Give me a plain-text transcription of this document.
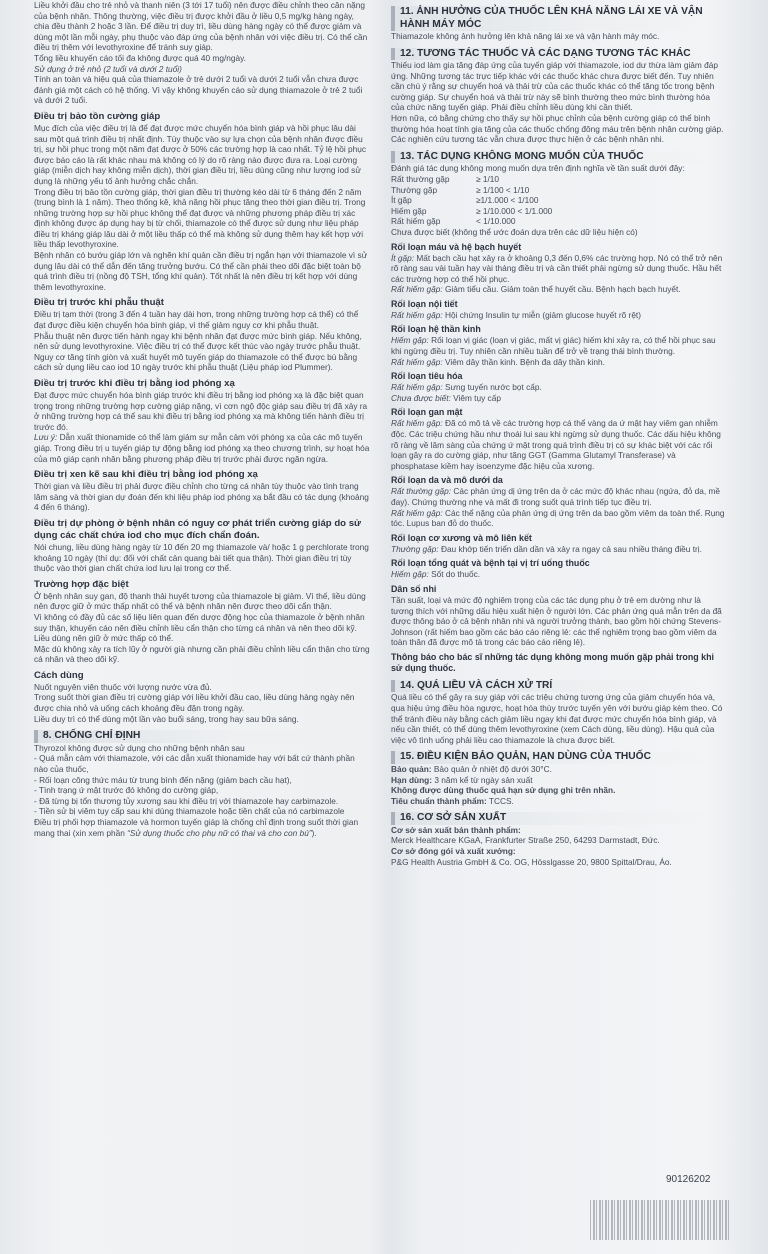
Liều khởi đầu cho trẻ nhỏ và thanh niên (3 tới 17 tuổi) nên được điều chỉnh theo cân nặng của bệnh nhân. Thông thường, việc điều trị được khởi đầu ở liều 0,5 mg/kg hàng ngày, chia đều thành 2 hoặc 3 lần. Để điều trị duy trì, liều dùng hàng ngày có thể được giảm và dùng một lần mỗi ngày, phụ thuộc vào đáp ứng của bệnh nhân với việc điều trị. Có thể cần điều trị thêm với levothyroxine để tránh suy giáp.

Tổng liều khuyến cáo tối đa không được quá 40 mg/ngày.

Sử dụng ở trẻ nhỏ (2 tuổi và dưới 2 tuổi)

Tính an toàn và hiệu quả của thiamazole ở trẻ dưới 2 tuổi và dưới 2 tuổi vẫn chưa được đánh giá một cách có hệ thống. Vì vậy không khuyến cáo sử dụng thiamazole ở trẻ 2 tuổi và dưới 2 tuổi.

Điều trị bảo tồn cường giáp

Mục đích của việc điều trị là để đạt được mức chuyển hóa bình giáp và hồi phục lâu dài sau một quá trình điều trị nhất định. Tùy thuộc vào sự lựa chọn của bệnh nhân được điều trị, sự hồi phục trong một năm đạt được ở 50% các trường hợp là cao nhất. Tỷ lệ hồi phục được báo cáo là rất khác nhau mà không có lý do rõ ràng nào được đưa ra. Loại cường giáp (miễn dịch hay không miễn dịch), thời gian điều trị, liều dùng cũng như lượng iod sử dụng là những yếu tố ảnh hưởng chắc chắn.

Trong điều trị bảo tồn cường giáp, thời gian điều trị thường kéo dài từ 6 tháng đến 2 năm (trung bình là 1 năm). Theo thống kê, khả năng hồi phục tăng theo thời gian điều trị. Trong những trường hợp sự hồi phục không thể đạt được và những phương pháp điều trị xác định không được áp dụng hay bị từ chối, thiamazole có thể được sử dụng như liệu pháp điều trị kháng giáp lâu dài ở một liều thấp có thể mà không sử dụng thêm hay kết hợp với liều thấp levothyroxine.

Bệnh nhân có bướu giáp lớn và nghẽn khí quản cần điều trị ngắn hạn với thiamazole vì sử dụng lâu dài có thể dẫn đến tăng trưởng bướu. Có thể cần phải theo dõi đặc biệt toàn bộ quá trình điều trị (nồng độ TSH, tổng khí quản). Tốt nhất là nên điều trị kết hợp với dùng thêm levothyroxine.

Điều trị trước khi phẫu thuật

Điều trị tạm thời (trong 3 đến 4 tuần hay dài hơn, trong những trường hợp cá thể) có thể đạt được điều kiện chuyển hóa bình giáp, vì thế giảm nguy cơ khi phẫu thuật.

Phẫu thuật nên được tiến hành ngay khi bệnh nhân đạt được mức bình giáp. Nếu không, nên sử dụng levothyroxine. Việc điều trị có thể được kết thúc vào ngày trước phẫu thuật.

Nguy cơ tăng tính giòn và xuất huyết mô tuyến giáp do thiamazole có thể được bù bằng cách sử dụng liều cao iod 10 ngày trước khi phẫu thuật (Liệu pháp iod Plummer).

Điều trị trước khi điều trị bằng iod phóng xạ

Đạt được mức chuyển hóa bình giáp trước khi điều trị bằng iod phóng xạ là đặc biệt quan trọng trong những trường hợp cường giáp nặng, vì cơn ngộ độc giáp sau điều trị đã xảy ra ở những trường hợp cá thể sau khi điều trị bằng iod phóng xạ mà không tiến hành điều trị trước đó.

Lưu ý: Dẫn xuất thionamide có thể làm giảm sự mẫn cảm với phóng xạ của các mô tuyến giáp. Trong điều trị u tuyến giáp tự động bằng iod phóng xạ theo chương trình, sự hoạt hóa của mô giáp cạnh nhân bằng phương pháp điều trị trước phải được ngăn ngừa.

Điều trị xen kẽ sau khi điều trị bằng iod phóng xạ

Thời gian và liều điều trị phải được điều chỉnh cho từng cá nhân tùy thuộc vào tình trạng lâm sàng và thời gian dự đoán đến khi liệu pháp iod phóng xạ bắt đầu có tác dụng (khoảng 4 đến 6 tháng).

Điều trị dự phòng ở bệnh nhân có nguy cơ phát triển cường giáp do sử dụng các chất chứa iod cho mục đích chẩn đoán.

Nói chung, liều dùng hàng ngày từ 10 đến 20 mg thiamazole và/ hoặc 1 g perchlorate trong khoảng 10 ngày (thí dụ: đối với chất cản quang bài tiết qua thận). Thời gian điều trị tùy thuộc vào thời gian chất chứa iod lưu lại trong cơ thể.

Trường hợp đặc biệt

Ở bệnh nhân suy gan, độ thanh thải huyết tương của thiamazole bị giảm. Vì thế, liều dùng nên được giữ ở mức thấp nhất có thể và bệnh nhân nên được theo dõi cẩn thận.

Vì không có đầy đủ các số liệu liên quan đến dược động học của thiamazole ở bệnh nhân suy thận, khuyến cáo nên điều chỉnh liều cẩn thận cho từng cá nhân và nên theo dõi kỹ. Liều dùng nên giữ ở mức thấp có thể.

Mặc dù không xảy ra tích lũy ở người già nhưng cần phải điều chỉnh liều cẩn thận cho từng cá nhân và theo dõi kỹ.

Cách dùng

Nuốt nguyên viên thuốc với lượng nước vừa đủ.

Trong suốt thời gian điều trị cường giáp với liều khởi đầu cao, liều dùng hàng ngày nên được chia nhỏ và uống cách khoảng đều đặn trong ngày.

Liều duy trì có thể dùng một lần vào buổi sáng, trong hay sau bữa sáng.

8. CHỐNG CHỈ ĐỊNH

Thyrozol không được sử dụng cho những bệnh nhân sau

- Quá mẫn cảm với thiamazole, với các dẫn xuất thionamide hay với bất cứ thành phần nào của thuốc,

- Rối loạn công thức máu từ trung bình đến nặng (giảm bạch cầu hạt),

- Tình trạng ứ mật trước đó không do cường giáp,

- Đã từng bị tổn thương tủy xương sau khi điều trị với thiamazole hay carbimazole.

- Tiền sử bị viêm tụy cấp sau khi dùng thiamazole hoặc tiền chất của nó carbimazole

Điều trị phối hợp thiamazole và hormon tuyến giáp là chống chỉ định trong suốt thời gian mang thai (xin xem phần “Sử dụng thuốc cho phụ nữ có thai và cho con bú”).

11. ẢNH HƯỞNG CỦA THUỐC LÊN KHẢ NĂNG LÁI XE VÀ VẬN HÀNH MÁY MÓC

Thiamazole không ảnh hưởng lên khả năng lái xe và vận hành máy móc.

12. TƯƠNG TÁC THUỐC VÀ CÁC DẠNG TƯƠNG TÁC KHÁC

Thiếu iod làm gia tăng đáp ứng của tuyến giáp với thiamazole, iod dư thừa làm giảm đáp ứng. Những tương tác trực tiếp khác với các thuốc khác chưa được biết đến. Tuy nhiên cần chú ý rằng sự chuyển hoá và thải trừ của các thuốc khác có thể tăng tốc trong bệnh cường giáp. Sự chuyển hoá và thải trừ này sẽ bình thường theo mức bình thường hóa của chức năng tuyến giáp. Phải điều chỉnh liều dùng khi cần thiết.

Hơn nữa, có bằng chứng cho thấy sự hồi phục chỉnh của bệnh cường giáp có thể bình thường hóa hoạt tính gia tăng của các thuốc chống đông máu trên bệnh nhân cường giáp.

Các nghiên cứu tương tác vẫn chưa được thực hiện ở các bệnh nhân nhi.

13. TÁC DỤNG KHÔNG MONG MUỐN CỦA THUỐC

Đánh giá tác dụng không mong muốn dựa trên định nghĩa về tần suất dưới đây:

Rất thường gặp	≥ 1/10
Thường gặp	≥ 1/100 < 1/10
Ít gặp	≥1/1.000 < 1/100
Hiếm gặp	≥ 1/10.000 < 1/1.000
Rất hiếm gặp	< 1/10.000

Chưa được biết (không thể ước đoán dựa trên các dữ liệu hiện có)

Rối loạn máu và hệ bạch huyết

Ít gặp: Mất bạch cầu hạt xảy ra ở khoảng 0,3 đến 0,6% các trường hợp. Nó có thể trở nên rõ ràng sau vài tuần hay vài tháng điều trị và cần thiết phải ngừng sử dụng thuốc. Hầu hết các trường hợp có thể hồi phục.

Rất hiếm gặp: Giảm tiểu cầu. Giảm toàn thể huyết cầu. Bệnh hạch bạch huyết.

Rối loạn nội tiết

Rất hiếm gặp: Hội chứng Insulin tự miễn (giảm glucose huyết rõ rệt)

Rối loạn hệ thần kinh

Hiếm gặp: Rối loạn vị giác (loạn vị giác, mất vị giác) hiếm khi xảy ra, có thể hồi phục sau khi ngừng điều trị. Tuy nhiên cần nhiều tuần để trở về trạng thái bình thường.

Rất hiếm gặp: Viêm dây thần kinh. Bệnh đa dây thần kinh.

Rối loạn tiêu hóa

Rất hiếm gặp: Sưng tuyến nước bọt cấp.

Chưa được biết: Viêm tụy cấp

Rối loạn gan mật

Rất hiếm gặp: Đã có mô tả về các trường hợp cá thể vàng da ứ mật hay viêm gan nhiễm độc. Các triệu chứng hầu như thoái lui sau khi ngừng sử dụng thuốc. Các dấu hiệu không rõ ràng về lâm sàng của chứng ứ mật trong quá trình điều trị có sự khác biệt với các rối loạn gây ra do cường giáp, như tăng GGT (Gamma Glutamyl Transferase) và phosphatase kiềm hay isoenzyme đặc hiệu của xương.

Rối loạn da và mô dưới da

Rất thường gặp: Các phản ứng dị ứng trên da ở các mức độ khác nhau (ngứa, đỏ da, mề đay). Chứng thường nhẹ và mất đi trong suốt quá trình tiếp tục điều trị.

Rất hiếm gặp: Các thể nặng của phản ứng dị ứng trên da bao gồm viêm da toàn thể. Rụng tóc. Lupus ban đỏ do thuốc.

Rối loạn cơ xương và mô liên kết

Thường gặp: Đau khớp tiến triển dần dần và xảy ra ngay cả sau nhiều tháng điều trị.

Rối loạn tổng quát và bệnh tại vị trí uống thuốc

Hiếm gặp: Sốt do thuốc.

Dân số nhi

Tần suất, loại và mức độ nghiêm trọng của các tác dụng phụ ở trẻ em dường như là tương thích với những dấu hiệu xuất hiện ở người lớn. Các phản ứng quá mẫn trên da đã được thông báo ở cả bệnh nhân nhi và người trưởng thành, bao gồm hội chứng Stevens-Johnson (rất hiếm bao gồm các báo cáo riêng lẻ: các thể nghiêm trọng bao gồm viêm da toàn thân đã được mô tả trong các báo cáo riêng lẻ).

Thông báo cho bác sĩ những tác dụng không mong muốn gặp phải trong khi sử dụng thuốc.

14. QUÁ LIỀU VÀ CÁCH XỬ TRÍ

Quá liều có thể gây ra suy giáp với các triệu chứng tương ứng của giảm chuyển hóa và, qua hiệu ứng điều hòa ngược, hoạt hóa thùy trước tuyến yên với bướu giáp kèm theo. Có thể tránh điều này bằng cách giảm liều ngay khi đạt được mức chuyển hóa bình giáp, và nếu cần thiết, có thể dùng thêm levothyroxine (xem Cách dùng, liều dùng). Hậu quả của việc vô tình uống phải liều cao thiamazole là chưa được biết.

15. ĐIỀU KIỆN BẢO QUẢN, HẠN DÙNG CỦA THUỐC

Bảo quản: Bảo quản ở nhiệt độ dưới 30°C.

Hạn dùng: 3 năm kể từ ngày sản xuất

Không được dùng thuốc quá hạn sử dụng ghi trên nhãn.

Tiêu chuẩn thành phẩm: TCCS.

16. CƠ SỞ SẢN XUẤT

Cơ sở sản xuất bán thành phẩm:

Merck Healthcare KGaA, Frankfurter Straße 250, 64293 Darmstadt, Đức.

Cơ sở đóng gói và xuất xưởng:

P&G Health Austria GmbH & Co. OG, Hösslgasse 20, 9800 Spittal/Drau, Áo.

90126202
